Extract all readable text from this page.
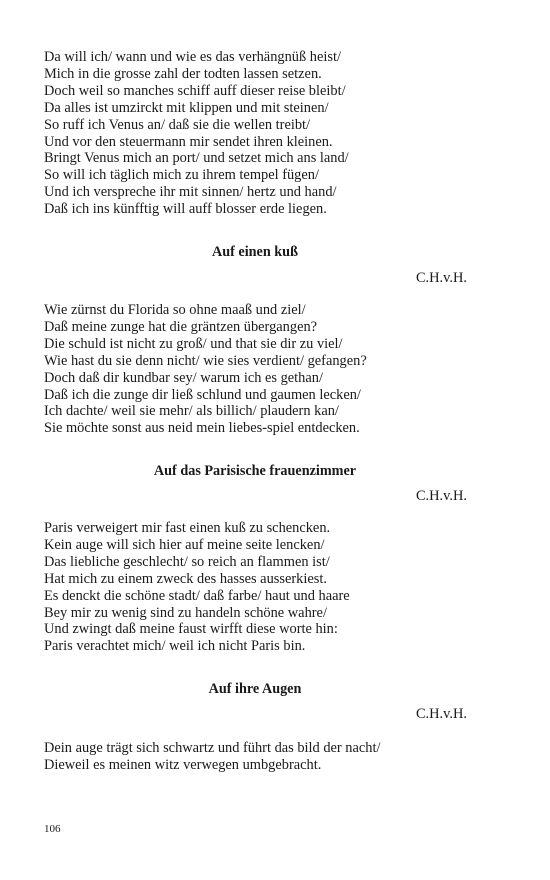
Da will ich/ wann und wie es das verhängnüß heist/
Mich in die grosse zahl der todten lassen setzen.
Doch weil so manches schiff auff dieser reise bleibt/
Da alles ist umzirckt mit klippen und mit steinen/
So ruff ich Venus an/ daß sie die wellen treibt/
Und vor den steuermann mir sendet ihren kleinen.
Bringt Venus mich an port/ und setzet mich ans land/
So will ich täglich mich zu ihrem tempel fügen/
Und ich verspreche ihr mit sinnen/ hertz und hand/
Daß ich ins künfftig will auff blosser erde liegen.
Auf einen kuß
C.H.v.H.
Wie zürnst du Florida so ohne maaß und ziel/
Daß meine zunge hat die gräntzen übergangen?
Die schuld ist nicht zu groß/ und that sie dir zu viel/
Wie hast du sie denn nicht/ wie sies verdient/ gefangen?
Doch daß dir kundbar sey/ warum ich es gethan/
Daß ich die zunge dir ließ schlund und gaumen lecken/
Ich dachte/ weil sie mehr/ als billich/ plaudern kan/
Sie möchte sonst aus neid mein liebes-spiel entdecken.
Auf das Parisische frauenzimmer
C.H.v.H.
Paris verweigert mir fast einen kuß zu schencken.
Kein auge will sich hier auf meine seite lencken/
Das liebliche geschlecht/ so reich an flammen ist/
Hat mich zu einem zweck des hasses ausserkiest.
Es denckt die schöne stadt/ daß farbe/ haut und haare
Bey mir zu wenig sind zu handeln schöne wahre/
Und zwingt daß meine faust wirfft diese worte hin:
Paris verachtet mich/ weil ich nicht Paris bin.
Auf ihre Augen
C.H.v.H.
Dein auge trägt sich schwartz und führt das bild der nacht/
Dieweil es meinen witz verwegen umbgebracht.
106
